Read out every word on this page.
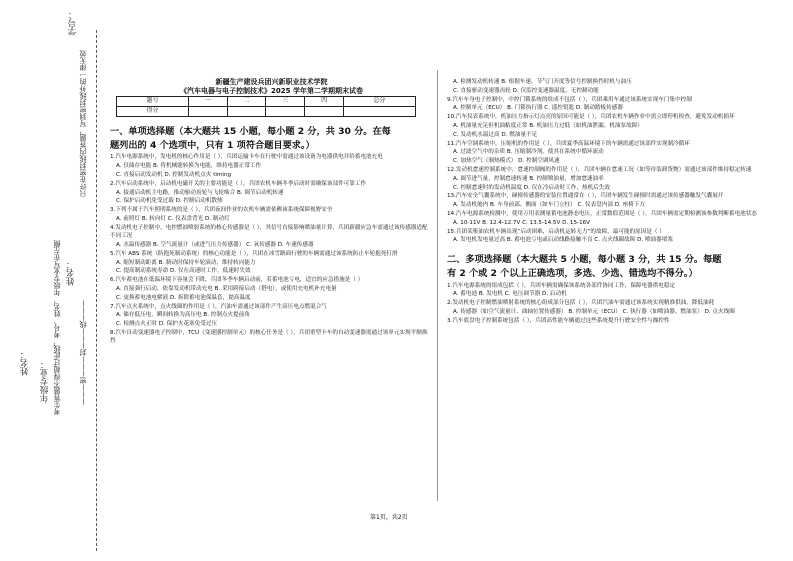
姓名： 年级专业： 考生答题不得超过此线，考号、姓名、年级专业写在左侧 姓名：
学号：
只许在密封线内答题，写到密封线外的一律无效
———密———封———线———

新疆生产建设兵团兴新职业技术学院

《汽车电器与电子控制技术》2025 学年第二学期期末试卷

题号	一	二	三	四	总分
得分					

一、单项选择题（本大题共 15 小题，每小题 2 分，共 30 分。在每

题列出的 4 个选项中，只有 1 项符合题目要求。）

1.汽车电源系统中，发电机的核心作用是（ ），兵团运输卡车在行驶中需通过该设备为电器供电并给蓄电池充电

A. 仅储存电能 B. 将机械能转换为电能，维持电器正常工作

C. 直接启动发动机 D. 控制发动机点火 timing

2.汽车启动系统中，启动机电磁开关的主要功能是（ ），兵团农机车辆冬季启动时需确保该部件可靠工作

A. 接通启动机主电路，推动驱动齿轮与飞轮啮合 B. 调节启动机转速

C. 保护启动机免受过载 D. 控制启动机散热

3.下列不属于汽车照明系统的是（ ），兵团夜间作业的农机车辆需依赖该系统保障视野安全

A. 前照灯 B. 转向灯 C. 仪表盘背光 D. 制动灯

4.发动机电子控制中，电控燃油喷射系统的核心传感器是（ ），其信号直接影响喷油量计算，兵团新疆应急车需通过该传感器适配不同工况

A. 水温传感器 B. 空气流量计（或进气压力传感器） C. 氧传感器 D. 车速传感器

5.汽车 ABS 系统（防抱死制动系统）的核心功能是（ ），兵团在冰雪路面行驶的车辆需通过该系统防止车轮抱死打滑

A. 缩短制动距离 B. 制动时保持车轮滚动，维持转向能力

C. 提高制动系统寿命 D. 仅在高速时工作，低速时失效

6.汽车蓄电池在低温环境下容量会下降，兵团冬季车辆启动前，若蓄电池亏电，适宜的应急措施是（ ）

A. 直接强行启动，依靠发动机带动充电 B. 采用跨接启动（搭电），或使用充电机补充电量

C. 更换蓄电池电解液 D. 拆除蓄电池保温套，提高温度

7.汽车点火系统中，点火线圈的作用是（ ），汽油车需通过该部件产生高压电点燃混合气

A. 储存低压电，瞬间转换为高压电 B. 控制点火提前角

C. 检测点火正时 D. 保护火花塞免受过压

8.汽车自动变速器电子控制中，TCU（变速器控制单元）的核心任务是（ ），兵团重型卡车的自动变速器需通过该单元实现平顺换挡

A. 检测发动机转速 B. 根据车速、节气门开度等信号控制换挡时机与油压

C. 直接驱动变速器齿轮 D. 仅监控变速器温度，无控制功能

9.汽车车身电子控制中，中控门锁系统的组成不包括（ ），兵团乘用车通过该系统实现车门集中控制

A. 控制单元（ECU） B. 门锁执行器 C. 遥控钥匙 D. 制动踏板传感器

10.汽车仪表系统中，机油压力指示灯点亮的原因可能是（ ），兵团农机车辆作业中需立即停机检查，避免发动机损坏

A. 机油量充足但机油粘度正常 B. 机油压力过低（如机油泄漏、机油泵故障）

C. 发动机水温过高 D. 燃油量不足

11.汽车空调系统中，压缩机的作用是（ ），兵团夏季高温环境下的车辆需通过该部件实现制冷循环

A. 过滤空气中的杂质 B. 压缩制冷剂，使其在系统中循环流动

C. 加热空气（制热模式） D. 控制空调风速

12.发动机怠速控制系统中，怠速控制阀的作用是（ ），兵团车辆在怠速工况（如等待装卸货物）需通过该部件维持稳定转速

A. 调节进气量，控制怠速转速 B. 控制喷油量，增加怠速油率

C. 控制怠速时的发动机温度 D. 仅在冷启动时工作，热机后失效

13.汽车安全气囊系统中，碰撞传感器的安装位置通常在（ ），兵团车辆发生碰撞时需通过该传感器触发气囊展开

A. 发动机舱内 B. 车身前部、侧面（如车门立柱） C. 仪表盘内部 D. 座椅下方

14.汽车电源系统检测中，使用万用表测量蓄电池静态电压，正常数值范围是（ ），兵团车辆需定期检测该参数判断蓄电池状态

A. 10-11V B. 12.4-12.7V C. 13.5-14.5V D. 15-16V

15.兵团某柴油农机车辆出现“启动困难，启动机运转无力”的故障，最可能的原因是（ ）

A. 发电机发电量过高 B. 蓄电池亏电或启动线路接触不良 C. 点火线圈故障 D. 喷油器堵塞

二、多项选择题（本大题共 5 小题，每小题 3 分，共 15 分。每题

有 2 个或 2 个以上正确选项，多选、少选、错选均不得分。）

1.汽车电源系统的组成包括（ ），兵团车辆需确保该系统各部件协同工作，保障电器供电稳定

A. 蓄电池 B. 发电机 C. 电压调节器 D. 启动机

2.发动机电子控制燃油喷射系统的核心组成部分包括（ ），兵团汽油车需通过该系统实现精准供油，降低油耗

A. 传感器（如空气流量计、曲轴位置传感器） B. 控制单元（ECU） C. 执行器（如喷油器、燃油泵） D. 点火线圈

3.汽车底盘电子控制系统包括（ ），兵团高性能车辆通过这些系统提升行驶安全性与操控性

第1页，共2页
